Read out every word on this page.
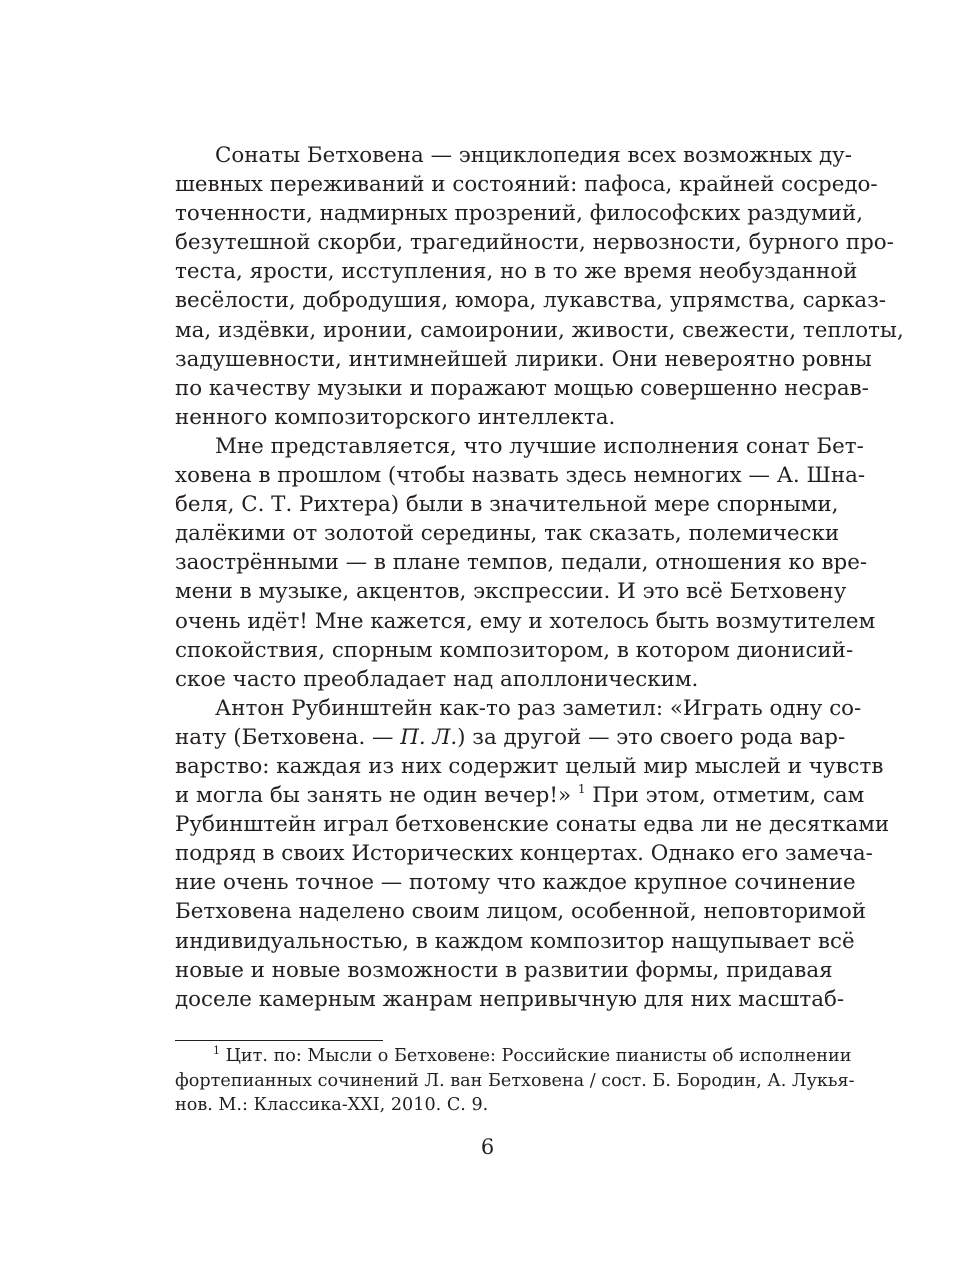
Сонаты Бетховена — энциклопедия всех возможных ду-
шевных переживаний и состояний: пафоса, крайней сосредо-
точенности, надмирных прозрений, философских раздумий,
безутешной скорби, трагедийности, нервозности, бурного про-
теста, ярости, исступления, но в то же время необузданной
весёлости, добродушия, юмора, лукавства, упрямства, сарказ-
ма, издёвки, иронии, самоиронии, живости, свежести, теплоты,
задушевности, интимнейшей лирики. Они невероятно ровны
по качеству музыки и поражают мощью совершенно несрав-
ненного композиторского интеллекта.
Мне представляется, что лучшие исполнения сонат Бет-
ховена в прошлом (чтобы назвать здесь немногих — А. Шна-
беля, С. Т. Рихтера) были в значительной мере спорными,
далёкими от золотой середины, так сказать, полемически
заострёнными — в плане темпов, педали, отношения ко вре-
мени в музыке, акцентов, экспрессии. И это всё Бетховену
очень идёт! Мне кажется, ему и хотелось быть возмутителем
спокойствия, спорным композитором, в котором дионисий-
ское часто преобладает над аполлоническим.
Антон Рубинштейн как-то раз заметил: «Играть одну со-
нату (Бетховена. — П. Л.) за другой — это своего рода вар-
варство: каждая из них содержит целый мир мыслей и чувств
и могла бы занять не один вечер!» $^1$ При этом, отметим, сам
Рубинштейн играл бетховенские сонаты едва ли не десятками
подряд в своих Исторических концертах. Однако его замеча-
ние очень точное — потому что каждое крупное сочинение
Бетховена наделено своим лицом, особенной, неповторимой
индивидуальностью, в каждом композитор нащупывает всё
новые и новые возможности в развитии формы, придавая
доселе камерным жанрам непривычную для них масштаб-
$^1$ Цит. по: Мысли о Бетховене: Российские пианисты об исполнении
фортепианных сочинений Л. ван Бетховена / сост. Б. Бородин, А. Лукья-
нов. М.: Классика-XXI, 2010. С. 9.
6
